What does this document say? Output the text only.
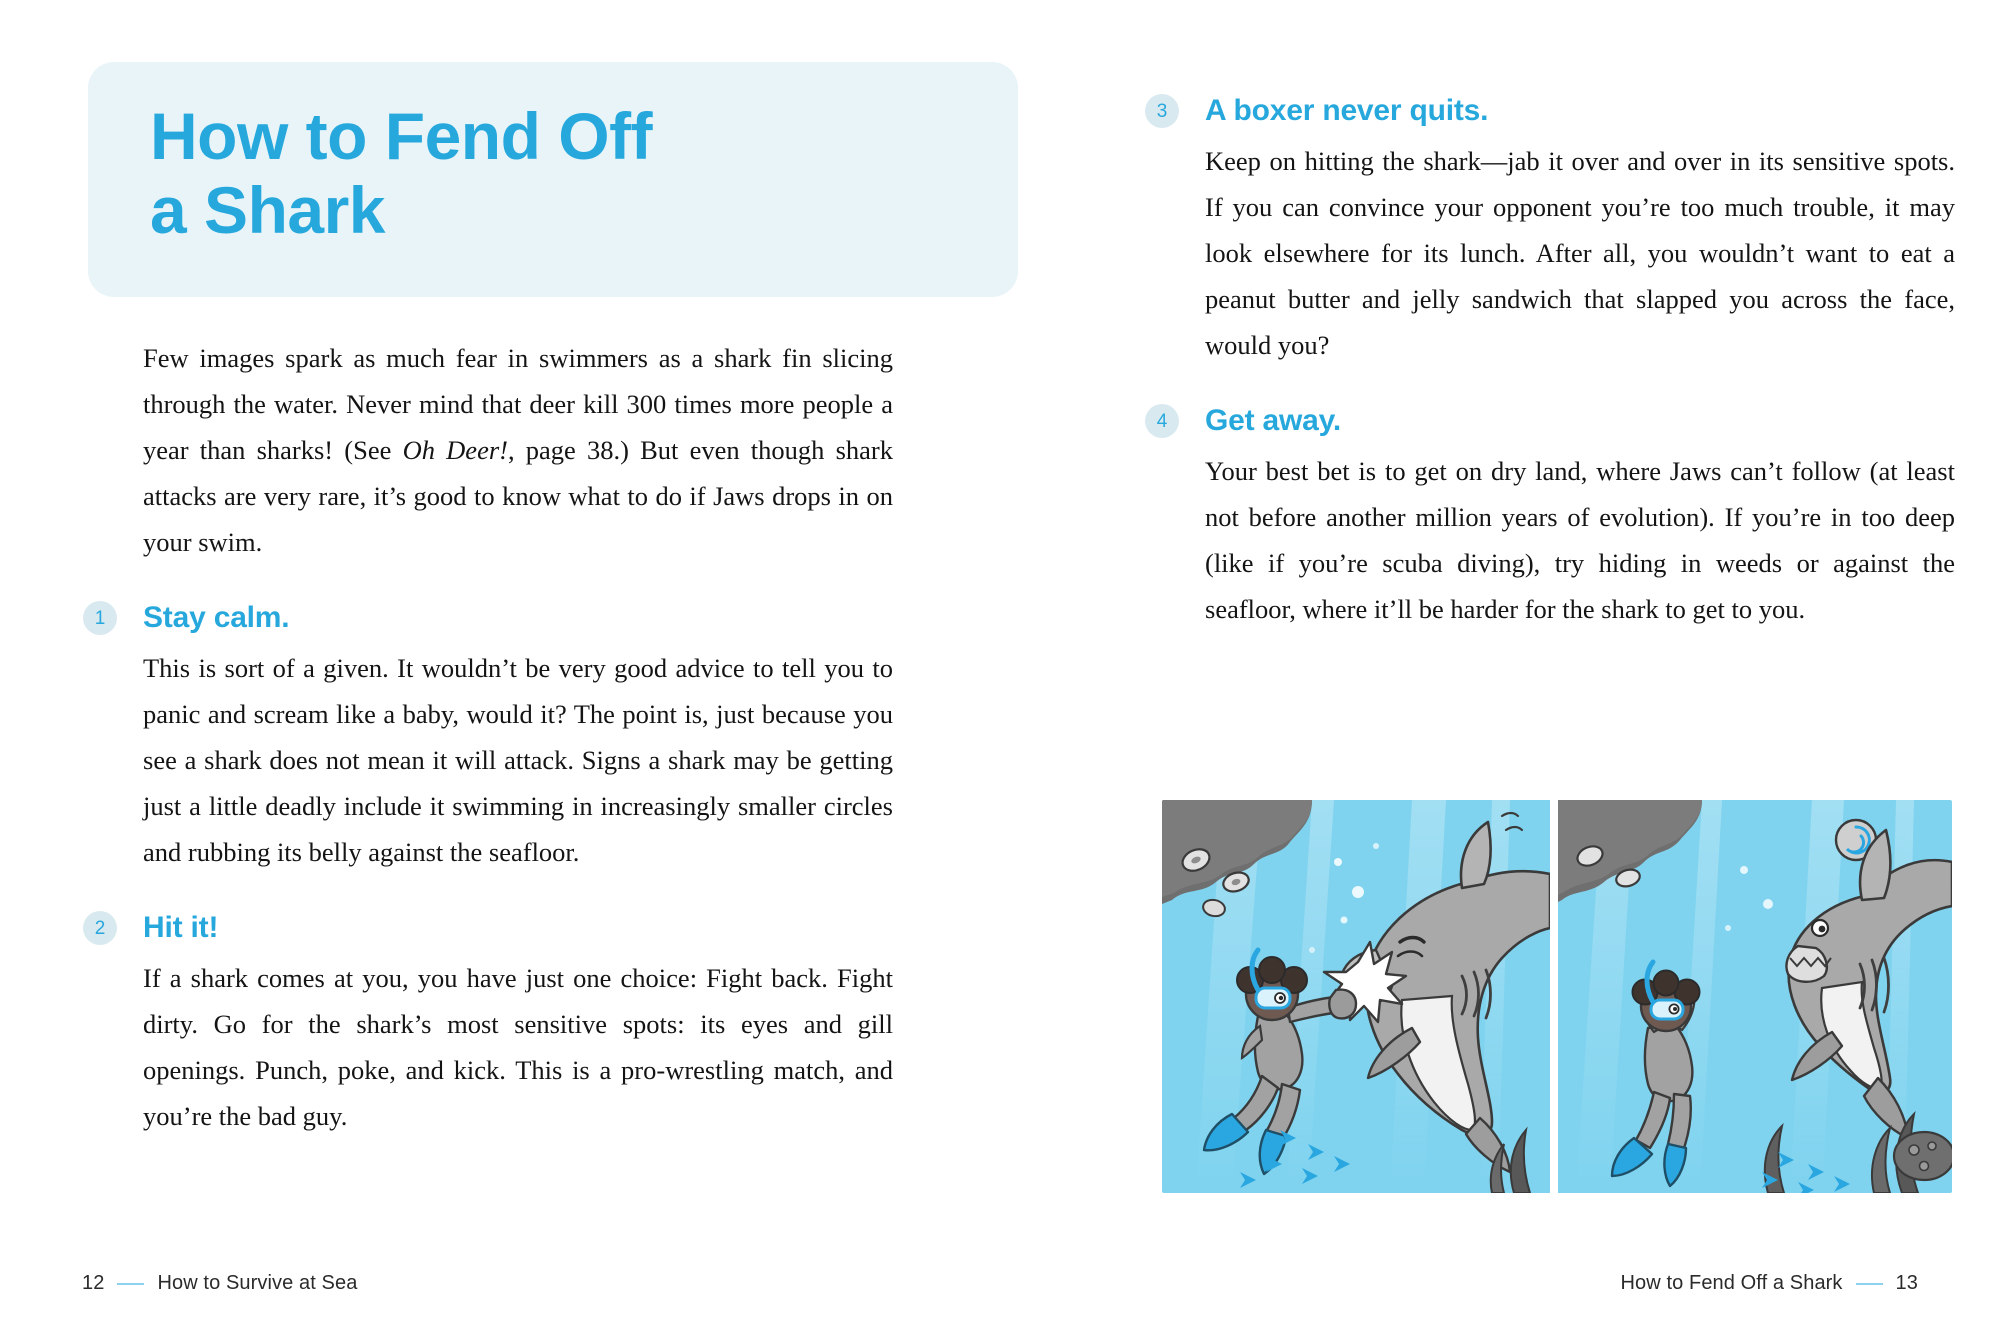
How to Fend Off
a Shark

Few images spark as much fear in swimmers as a shark fin slicing through the water. Never mind that deer kill 300 times more people a year than sharks! (See Oh Deer!, page 38.) But even though shark attacks are very rare, it’s good to know what to do if Jaws drops in on your swim.

1	Stay calm.
This is sort of a given. It wouldn’t be very good advice to tell you to panic and scream like a baby, would it? The point is, just because you see a shark does not mean it will attack. Signs a shark may be getting just a little deadly include it swimming in increasingly smaller circles and rubbing its belly against the seafloor.
2	Hit it!
If a shark comes at you, you have just one choice: Fight back. Fight dirty. Go for the shark’s most sensitive spots: its eyes and gill openings. Punch, poke, and kick. This is a pro-wrestling match, and you’re the bad guy.
12	How to Survive at Sea
3	A boxer never quits.
Keep on hitting the shark—jab it over and over in its sensitive spots. If you can convince your opponent you’re too much trouble, it may look elsewhere for its lunch. After all, you wouldn’t want to eat a peanut butter and jelly sandwich that slapped you across the face, would you?
4	Get away.
Your best bet is to get on dry land, where Jaws can’t follow (at least not before another million years of evolution). If you’re in too deep (like if you’re scuba diving), try hiding in weeds or against the seafloor, where it’ll be harder for the shark to get to you.
How to Fend Off a Shark	13
